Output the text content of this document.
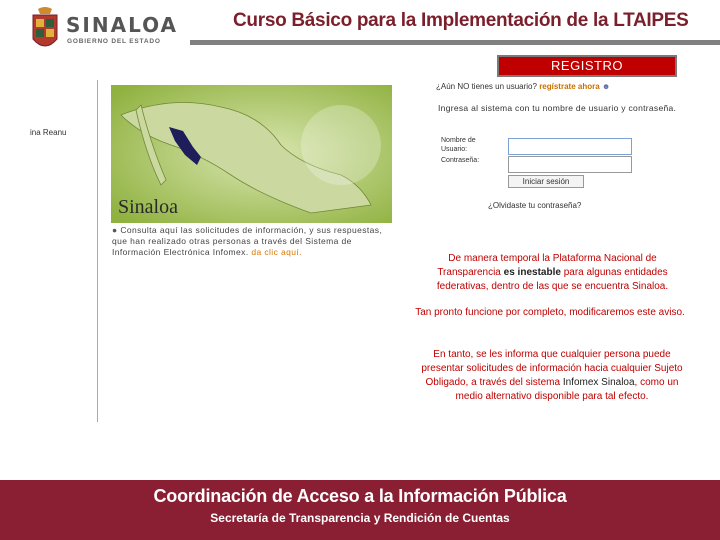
SINALOA
GOBIERNO DEL ESTADO
Curso Básico para la Implementación de la LTAIPES
REGISTRO
ina Reanu
Sinaloa
● Consulta aquí las solicitudes de información, y sus respuestas, que han realizado otras personas a través del Sistema de Información Electrónica Infomex. da clic aquí.
¿Aún NO tienes un usuario? regístrate ahora ☻
Ingresa al sistema con tu nombre de usuario y contraseña.
Nombre de Usuario:
Contraseña:
Iniciar sesión
¿Olvidaste tu contraseña?
De manera temporal la Plataforma Nacional de Transparencia es inestable para algunas entidades federativas, dentro de las que se encuentra Sinaloa.
Tan pronto funcione por completo, modificaremos este aviso.
En tanto, se les informa que cualquier persona puede presentar solicitudes de información hacia cualquier Sujeto Obligado, a través del sistema Infomex Sinaloa, como un medio alternativo disponible para tal efecto.
Coordinación de Acceso a la Información Pública
Secretaría de Transparencia y Rendición de Cuentas
